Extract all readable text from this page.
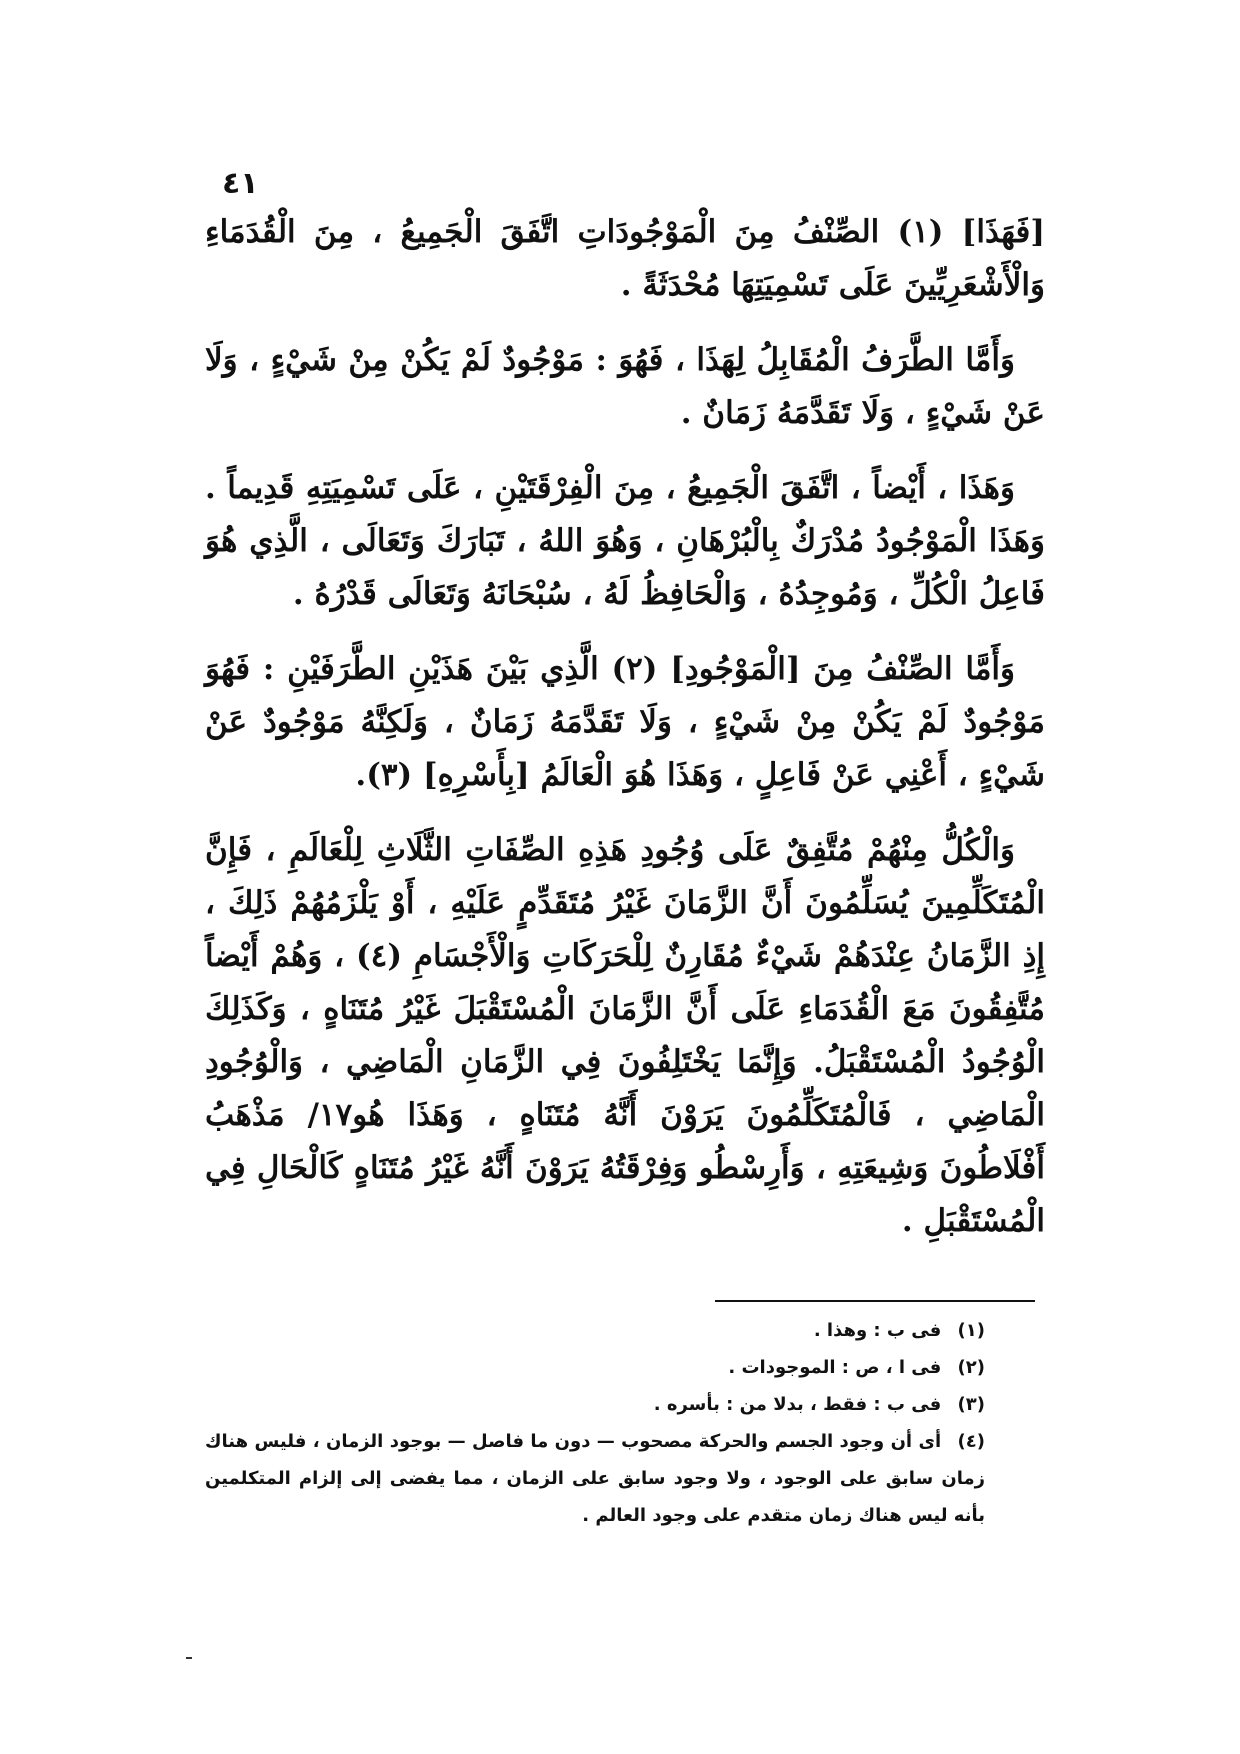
٤١

[فَهَذَا] (١) الصِّنْفُ مِنَ الْمَوْجُودَاتِ اتَّفَقَ الْجَمِيعُ ، مِنَ الْقُدَمَاءِ وَالْأَشْعَرِيِّينَ عَلَى تَسْمِيَتِهَا مُحْدَثَةً .

وَأَمَّا الطَّرَفُ الْمُقَابِلُ لِهَذَا ، فَهُوَ : مَوْجُودٌ لَمْ يَكُنْ مِنْ شَيْءٍ ، وَلَا عَنْ شَيْءٍ ، وَلَا تَقَدَّمَهُ زَمَانٌ .

وَهَذَا ، أَيْضاً ، اتَّفَقَ الْجَمِيعُ ، مِنَ الْفِرْقَتَيْنِ ، عَلَى تَسْمِيَتِهِ قَدِيماً . وَهَذَا الْمَوْجُودُ مُدْرَكٌ بِالْبُرْهَانِ ، وَهُوَ اللهُ ، تَبَارَكَ وَتَعَالَى ، الَّذِي هُوَ فَاعِلُ الْكُلِّ ، وَمُوجِدُهُ ، وَالْحَافِظُ لَهُ ، سُبْحَانَهُ وَتَعَالَى قَدْرُهُ .

وَأَمَّا الصِّنْفُ مِنَ [الْمَوْجُودِ] (٢) الَّذِي بَيْنَ هَذَيْنِ الطَّرَفَيْنِ : فَهُوَ مَوْجُودٌ لَمْ يَكُنْ مِنْ شَيْءٍ ، وَلَا تَقَدَّمَهُ زَمَانٌ ، وَلَكِنَّهُ مَوْجُودٌ عَنْ شَيْءٍ ، أَعْنِي عَنْ فَاعِلٍ ، وَهَذَا هُوَ الْعَالَمُ [بِأَسْرِهِ] (٣).

وَالْكُلُّ مِنْهُمْ مُتَّفِقٌ عَلَى وُجُودِ هَذِهِ الصِّفَاتِ الثَّلَاثِ لِلْعَالَمِ ، فَإِنَّ الْمُتَكَلِّمِينَ يُسَلِّمُونَ أَنَّ الزَّمَانَ غَيْرُ مُتَقَدِّمٍ عَلَيْهِ ، أَوْ يَلْزَمُهُمْ ذَلِكَ ، إِذِ الزَّمَانُ عِنْدَهُمْ شَيْءٌ مُقَارِنٌ لِلْحَرَكَاتِ وَالْأَجْسَامِ (٤) ، وَهُمْ أَيْضاً مُتَّفِقُونَ مَعَ الْقُدَمَاءِ عَلَى أَنَّ الزَّمَانَ الْمُسْتَقْبَلَ غَيْرُ مُتَنَاهٍ ، وَكَذَلِكَ الْوُجُودُ الْمُسْتَقْبَلُ. وَإِنَّمَا يَخْتَلِفُونَ فِي الزَّمَانِ الْمَاضِي ، وَالْوُجُودِ الْمَاضِي ، فَالْمُتَكَلِّمُونَ يَرَوْنَ أَنَّهُ مُتَنَاهٍ ، وَهَذَا هُو١٧/ مَذْهَبُ أَفْلَاطُونَ وَشِيعَتِهِ ، وَأَرِسْطُو وَفِرْقَتُهُ يَرَوْنَ أَنَّهُ غَيْرُ مُتَنَاهٍ كَالْحَالِ فِي الْمُسْتَقْبَلِ .

(١) فى ب : وهذا .

(٢) فى ا ، ص : الموجودات .

(٣) فى ب : فقط ، بدلا من : بأسره .

(٤) أى أن وجود الجسم والحركة مصحوب — دون ما فاصل — بوجود الزمان ، فليس هناك زمان سابق على الوجود ، ولا وجود سابق على الزمان ، مما يفضى إلى إلزام المتكلمين بأنه ليس هناك زمان متقدم على وجود العالم .
